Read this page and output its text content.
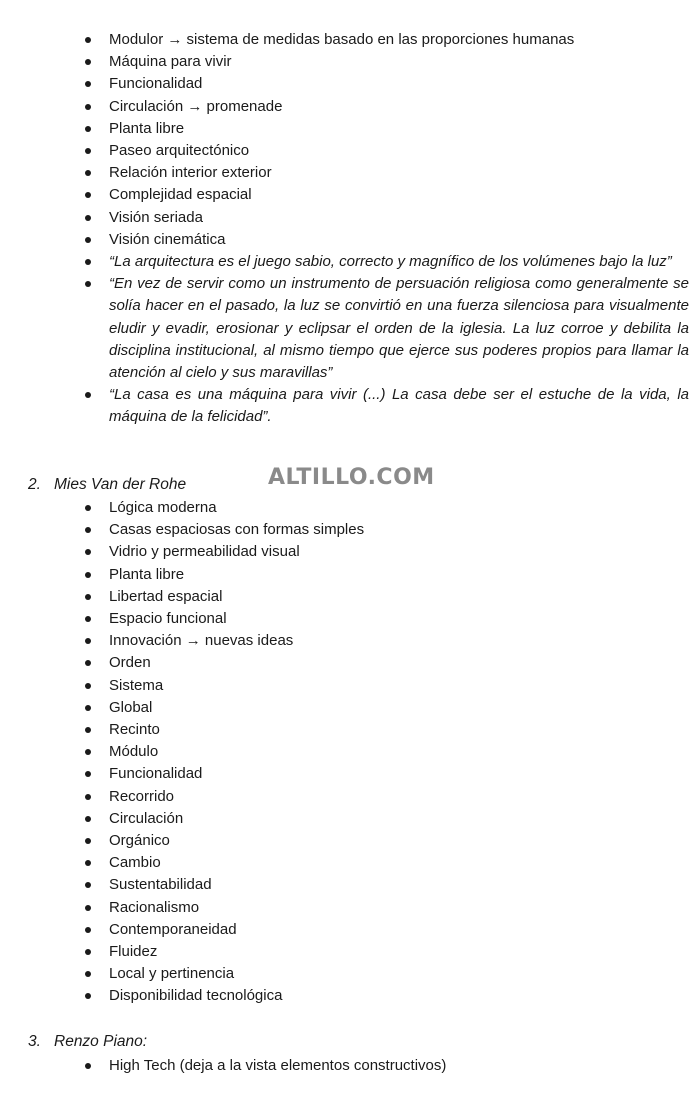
Modulor → sistema de medidas basado en las proporciones humanas
Máquina para vivir
Funcionalidad
Circulación → promenade
Planta libre
Paseo arquitectónico
Relación interior exterior
Complejidad espacial
Visión seriada
Visión cinemática
“La arquitectura es el juego sabio, correcto y magnífico de los volúmenes bajo la luz”
“En vez de servir como un instrumento de persuación religiosa como generalmente se solía hacer en el pasado, la luz se convirtió en una fuerza silenciosa para visualmente eludir y evadir, erosionar y eclipsar el orden de la iglesia. La luz corroe y debilita la disciplina institucional, al mismo tiempo que ejerce sus poderes propios para llamar la atención al cielo y sus maravillas”
“La casa es una máquina para vivir (...) La casa debe ser el estuche de la vida, la máquina de la felicidad”.
2. Mies Van der Rohe	ALTILLO.COM
Lógica moderna
Casas espaciosas con formas simples
Vidrio y permeabilidad visual
Planta libre
Libertad espacial
Espacio funcional
Innovación → nuevas ideas
Orden
Sistema
Global
Recinto
Módulo
Funcionalidad
Recorrido
Circulación
Orgánico
Cambio
Sustentabilidad
Racionalismo
Contemporaneidad
Fluidez
Local y pertinencia
Disponibilidad tecnológica
3. Renzo Piano:
High Tech (deja a la vista elementos constructivos)
